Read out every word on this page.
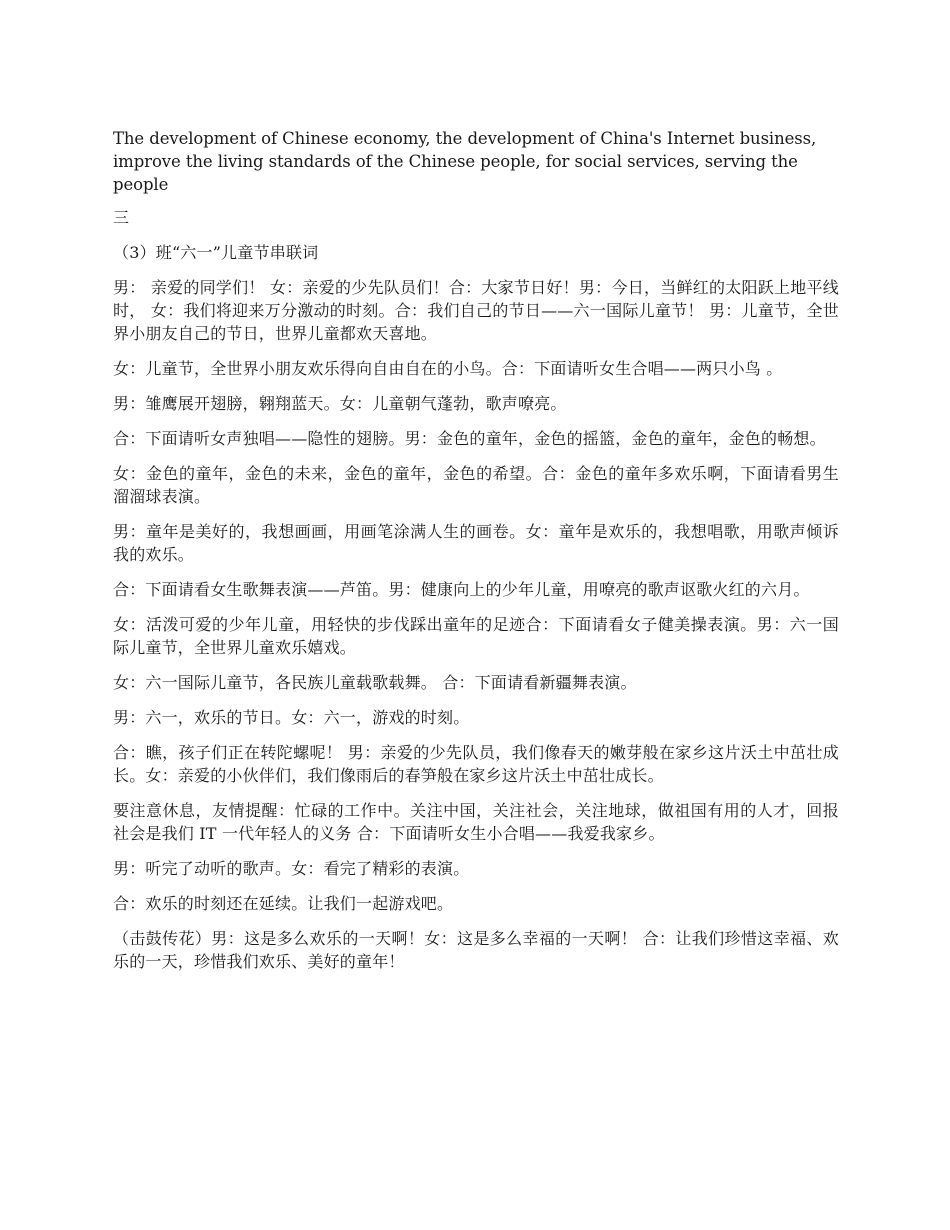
The development of Chinese economy, the development of China's Internet business, improve the living standards of the Chinese people, for social services, serving the people

三

（3）班“六一”儿童节串联词

男： 亲爱的同学们！ 女：亲爱的少先队员们！合：大家节日好！男：今日，当鲜红的太阳跃上地平线时， 女：我们将迎来万分激动的时刻。合：我们自己的节日——六一国际儿童节！ 男：儿童节，全世界小朋友自己的节日，世界儿童都欢天喜地。

女：儿童节，全世界小朋友欢乐得向自由自在的小鸟。合：下面请听女生合唱——两只小鸟 。

男：雏鹰展开翅膀，翱翔蓝天。女：儿童朝气蓬勃，歌声嘹亮。

合：下面请听女声独唱——隐性的翅膀。男：金色的童年，金色的摇篮，金色的童年，金色的畅想。

女：金色的童年，金色的未来，金色的童年，金色的希望。合：金色的童年多欢乐啊，下面请看男生溜溜球表演。

男：童年是美好的，我想画画，用画笔涂满人生的画卷。女：童年是欢乐的，我想唱歌，用歌声倾诉我的欢乐。

合：下面请看女生歌舞表演——芦笛。男：健康向上的少年儿童，用嘹亮的歌声讴歌火红的六月。

女：活泼可爱的少年儿童，用轻快的步伐踩出童年的足迹合：下面请看女子健美操表演。男：六一国际儿童节，全世界儿童欢乐嬉戏。

女：六一国际儿童节，各民族儿童载歌载舞。 合：下面请看新疆舞表演。

男：六一，欢乐的节日。女：六一，游戏的时刻。

合：瞧，孩子们正在转陀螺呢！ 男：亲爱的少先队员，我们像春天的嫩芽般在家乡这片沃土中茁壮成长。女：亲爱的小伙伴们，我们像雨后的春笋般在家乡这片沃土中茁壮成长。

要注意休息，友情提醒：忙碌的工作中。关注中国，关注社会，关注地球，做祖国有用的人才，回报社会是我们 IT 一代年轻人的义务 合：下面请听女生小合唱——我爱我家乡。

男：听完了动听的歌声。女：看完了精彩的表演。

合：欢乐的时刻还在延续。让我们一起游戏吧。

（击鼓传花）男：这是多么欢乐的一天啊！女：这是多么幸福的一天啊！ 合：让我们珍惜这幸福、欢乐的一天，珍惜我们欢乐、美好的童年！
